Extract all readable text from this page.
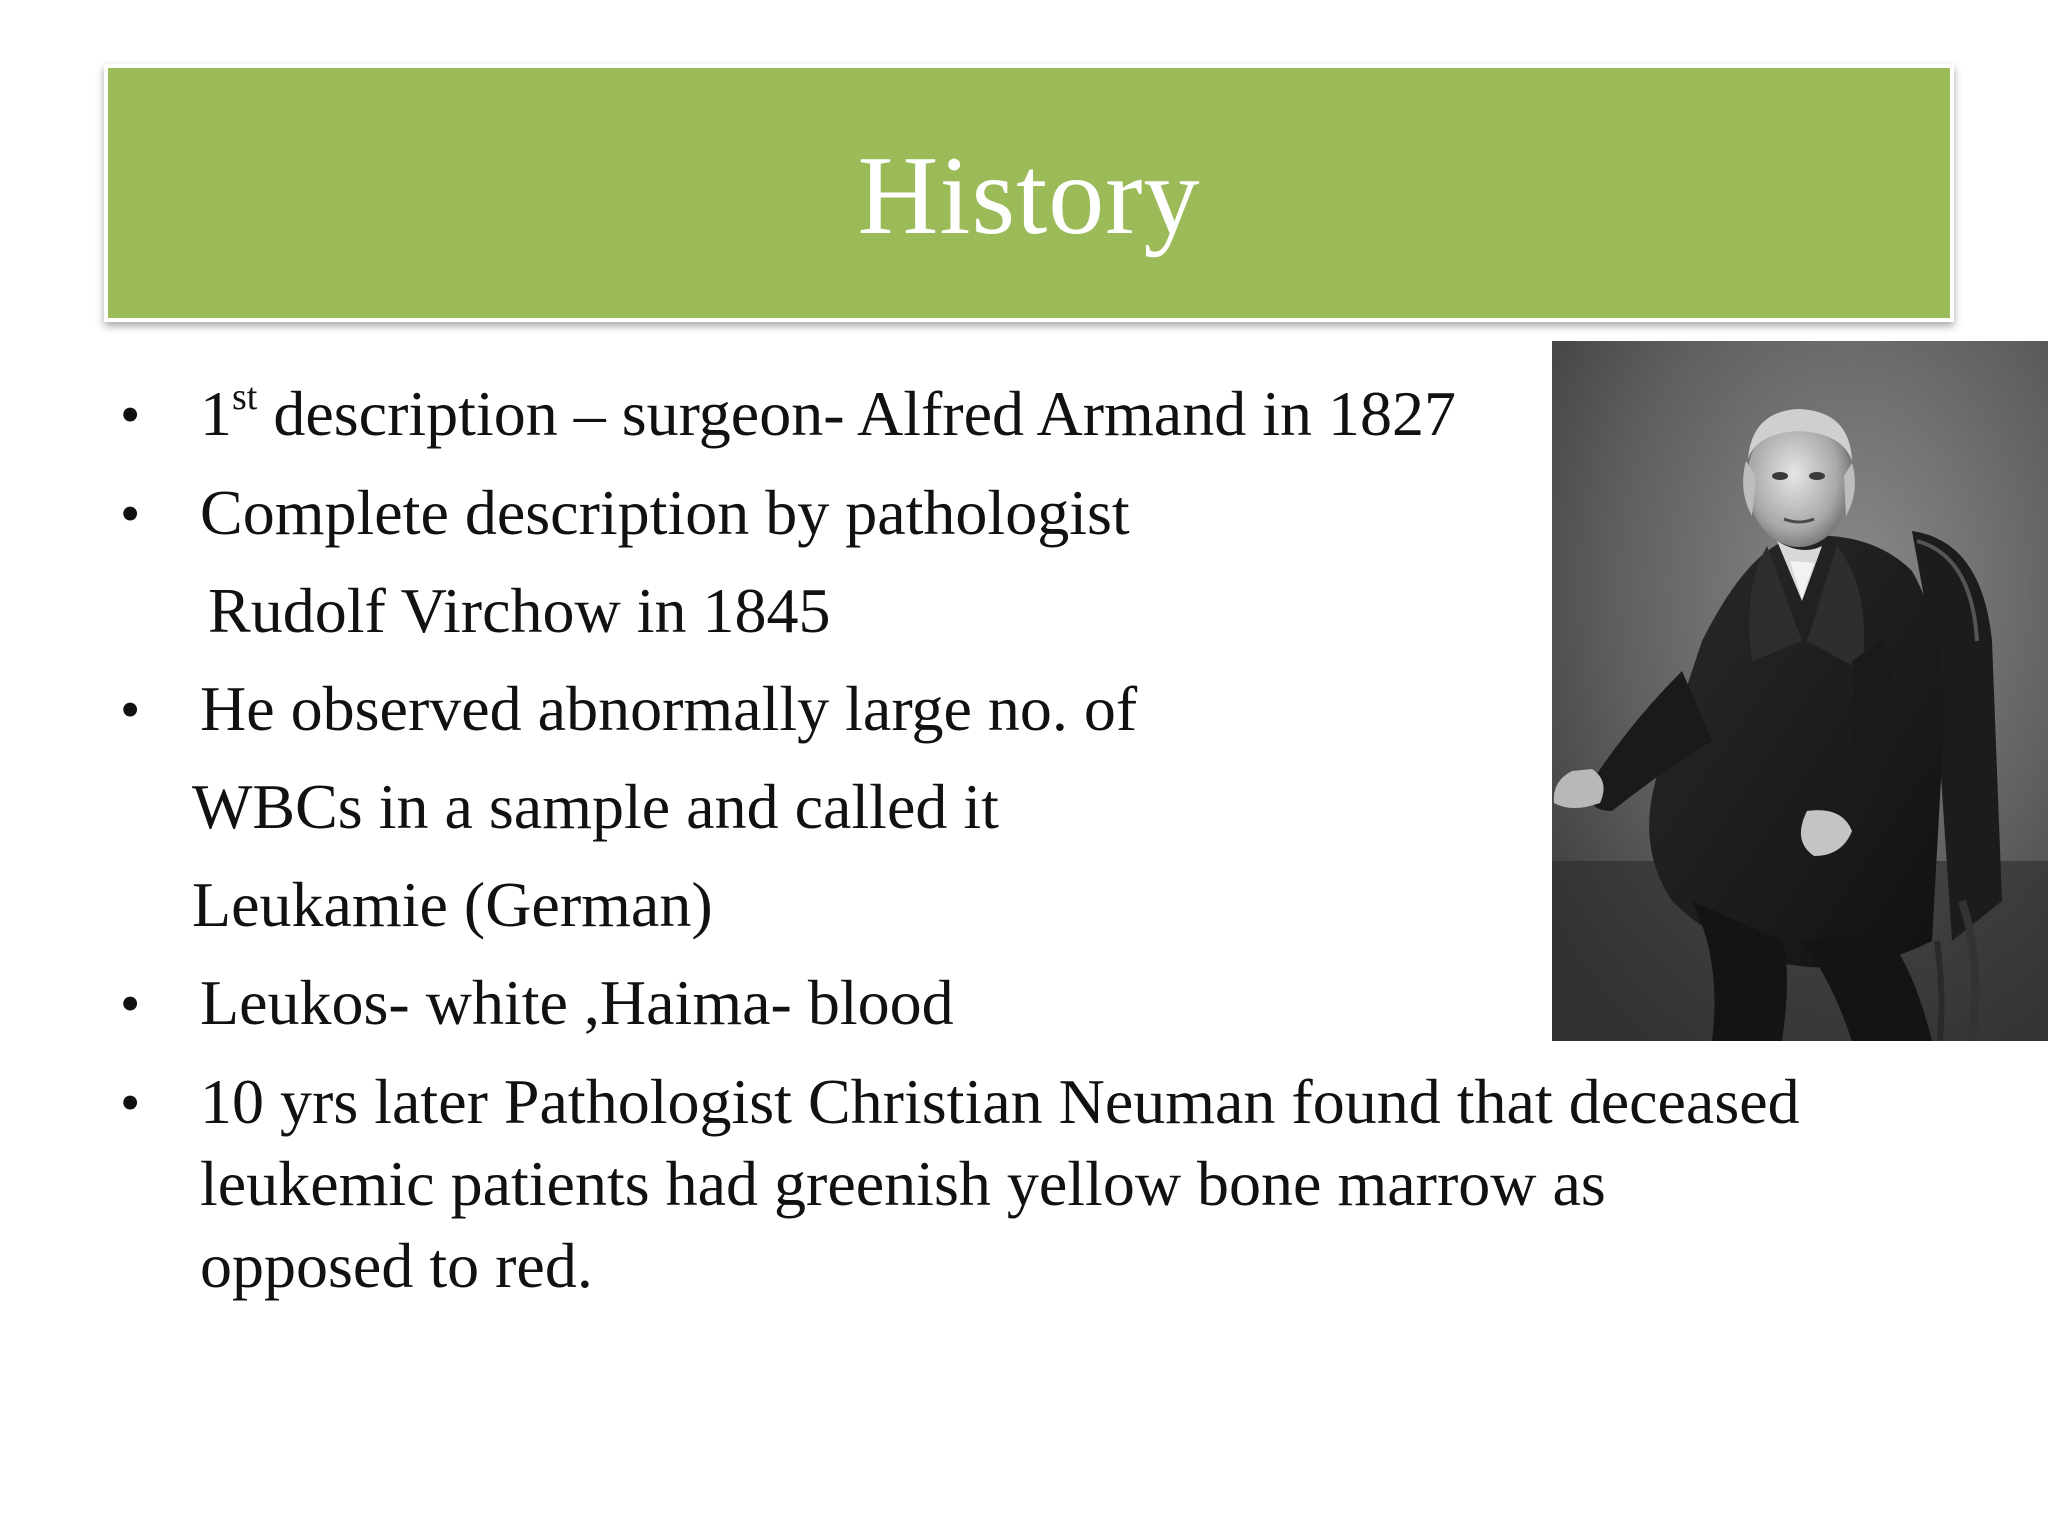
History
• 1st description – surgeon- Alfred Armand in 1827
• Complete description by pathologist
Rudolf Virchow in 1845
• He observed abnormally large no. of
WBCs in a sample and called it
Leukamie (German)
• Leukos- white ,Haima- blood
• 10 yrs later Pathologist Christian Neuman found that deceased
leukemic patients had greenish yellow bone marrow as
opposed to red.
